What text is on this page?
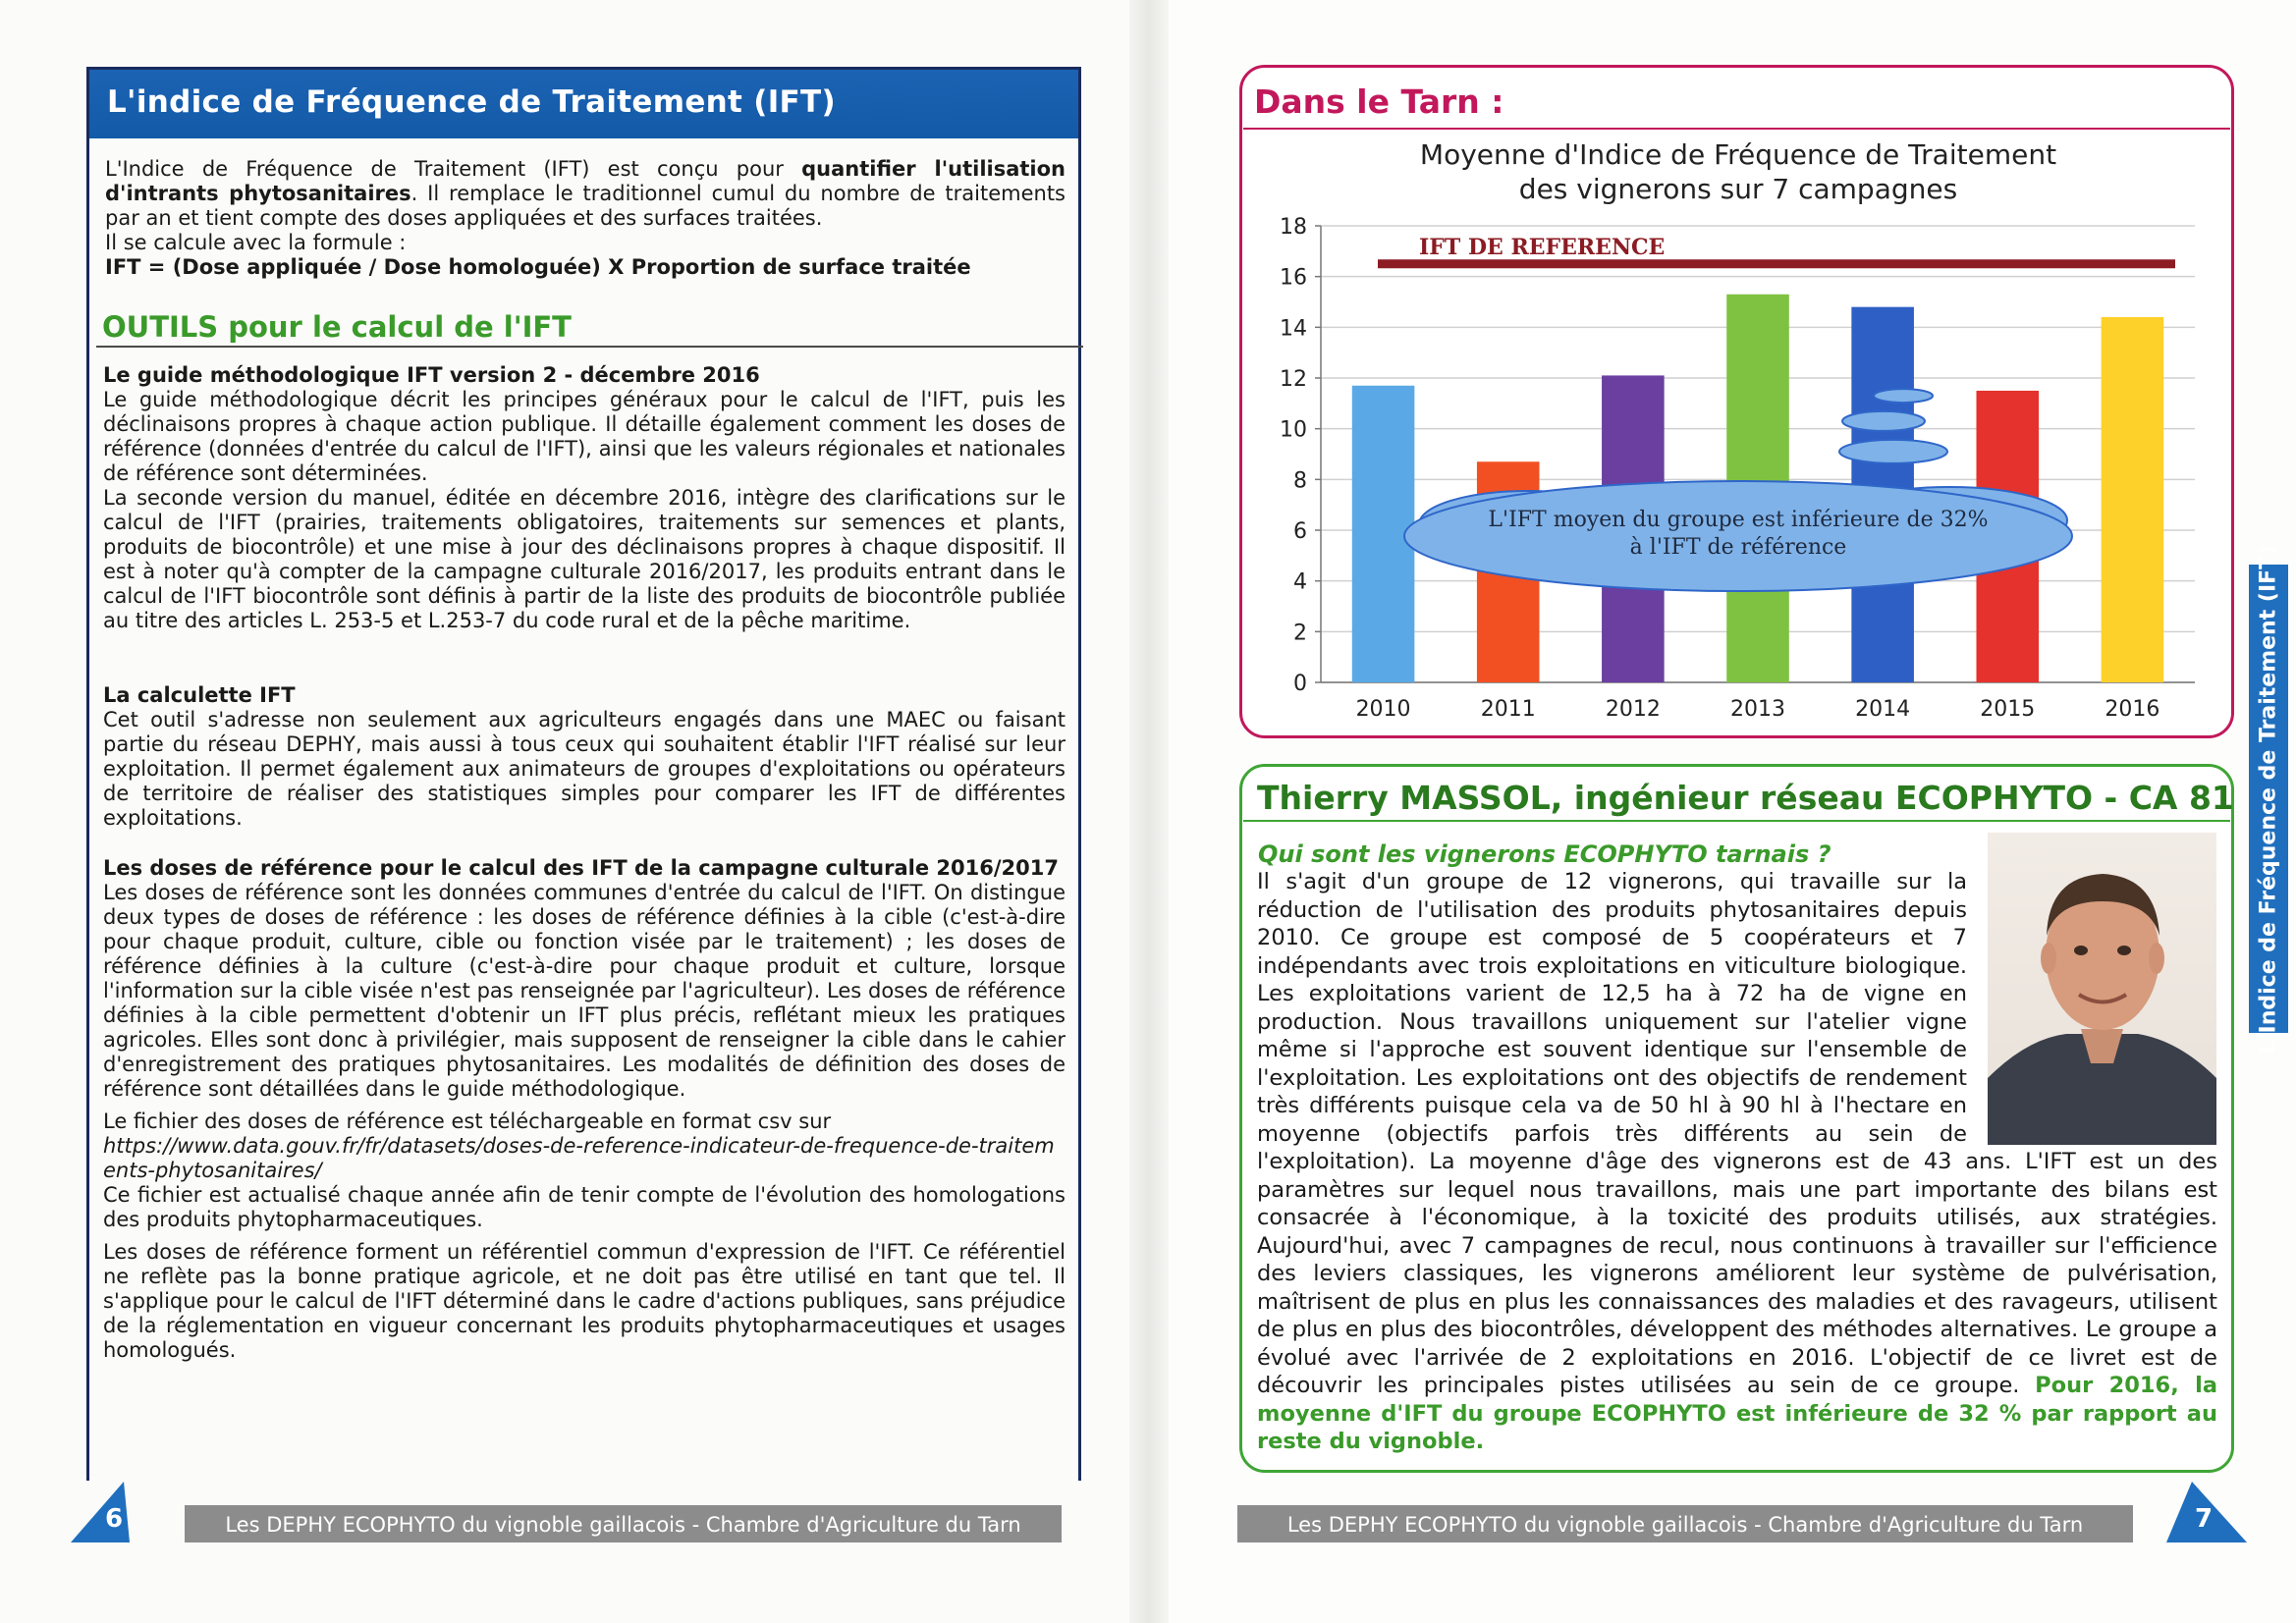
L'indice de Fréquence de Traitement (IFT)
L'Indice de Fréquence de Traitement (IFT) est conçu pour quantifier l'utilisation d'intrants phytosanitaires. Il remplace le traditionnel cumul du nombre de traitements par an et tient compte des doses appliquées et des surfaces traitées.
Il se calcule avec la formule :
IFT = (Dose appliquée / Dose homologuée) X Proportion de surface traitée
OUTILS pour le calcul de l'IFT
Le guide méthodologique IFT version 2 - décembre 2016
Le guide méthodologique décrit les principes généraux pour le calcul de l'IFT, puis les déclinaisons propres à chaque action publique. Il détaille également comment les doses de référence (données d'entrée du calcul de l'IFT), ainsi que les valeurs régionales et nationales de référence sont déterminées.
La seconde version du manuel, éditée en décembre 2016, intègre des clarifications sur le calcul de l'IFT (prairies, traitements obligatoires, traitements sur semences et plants, produits de biocontrôle) et une mise à jour des déclinaisons propres à chaque dispositif. Il est à noter qu'à compter de la campagne culturale 2016/2017, les produits entrant dans le calcul de l'IFT biocontrôle sont définis à partir de la liste des produits de biocontrôle publiée au titre des articles L. 253-5 et L.253-7 du code rural et de la pêche maritime.
La calculette IFT
Cet outil s'adresse non seulement aux agriculteurs engagés dans une MAEC ou faisant partie du réseau DEPHY, mais aussi à tous ceux qui souhaitent établir l'IFT réalisé sur leur exploitation. Il permet également aux animateurs de groupes d'exploitations ou opérateurs de territoire de réaliser des statistiques simples pour comparer les IFT de différentes exploitations.
Les doses de référence pour le calcul des IFT de la campagne culturale 2016/2017
Les doses de référence sont les données communes d'entrée du calcul de l'IFT. On distingue deux types de doses de référence : les doses de référence définies à la cible (c'est-à-dire pour chaque produit, culture, cible ou fonction visée par le traitement) ; les doses de référence définies à la culture (c'est-à-dire pour chaque produit et culture, lorsque l'information sur la cible visée n'est pas renseignée par l'agriculteur). Les doses de référence définies à la cible permettent d'obtenir un IFT plus précis, reflétant mieux les pratiques agricoles. Elles sont donc à privilégier, mais supposent de renseigner la cible dans le cahier d'enregistrement des pratiques phytosanitaires. Les modalités de définition des doses de référence sont détaillées dans le guide méthodologique.
Le fichier des doses de référence est téléchargeable en format csv sur
https://www.data.gouv.fr/fr/datasets/doses-de-reference-indicateur-de-frequence-de-traitements-phytosanitaires/
Ce fichier est actualisé chaque année afin de tenir compte de l'évolution des homologations des produits phytopharmaceutiques.
Les doses de référence forment un référentiel commun d'expression de l'IFT. Ce référentiel ne reflète pas la bonne pratique agricole, et ne doit pas être utilisé en tant que tel. Il s'applique pour le calcul de l'IFT déterminé dans le cadre d'actions publiques, sans préjudice de la réglementation en vigueur concernant les produits phytopharmaceutiques et usages homologués.
6	Les DEPHY ECOPHYTO du vignoble gaillacois - Chambre d'Agriculture du Tarn
Dans le Tarn :
Moyenne d'Indice de Fréquence de Traitement
des vignerons sur 7 campagnes
0
2
4
6
8
10
12
14
16
18
2010	2011	2012	2013	2014	2015	2016
IFT DE REFERENCE
L'IFT moyen du groupe est inférieure de 32%
à l'IFT de référence
Thierry MASSOL, ingénieur réseau ECOPHYTO - CA 81
Qui sont les vignerons ECOPHYTO tarnais ?
Il s'agit d'un groupe de 12 vignerons, qui travaille sur la réduction de l'utilisation des produits phytosanitaires depuis 2010. Ce groupe est composé de 5 coopérateurs et 7 indépendants avec trois exploitations en viticulture biologique. Les exploitations varient de 12,5 ha à 72 ha de vigne en production. Nous travaillons uniquement sur l'atelier vigne même si l'approche est souvent identique sur l'ensemble de l'exploitation. Les exploitations ont des objectifs de rendement très différents puisque cela va de 50 hl à 90 hl à l'hectare en moyenne (objectifs parfois très différents au sein de l'exploitation). La moyenne d'âge des vignerons est de 43 ans. L'IFT est un des paramètres sur lequel nous travaillons, mais une part importante des bilans est consacrée à l'économique, à la toxicité des produits utilisés, aux stratégies. Aujourd'hui, avec 7 campagnes de recul, nous continuons à travailler sur l'efficience des leviers classiques, les vignerons améliorent leur système de pulvérisation, maîtrisent de plus en plus les connaissances des maladies et des ravageurs, utilisent de plus en plus des biocontrôles, développent des méthodes alternatives. Le groupe a évolué avec l'arrivée de 2 exploitations en 2016. L'objectif de ce livret est de découvrir les principales pistes utilisées au sein de ce groupe. Pour 2016, la moyenne d'IFT du groupe ECOPHYTO est inférieure de 32 % par rapport au reste du vignoble.
L'Indice de Fréquence de Traitement (IFT)
7
Les DEPHY ECOPHYTO du vignoble gaillacois - Chambre d'Agriculture du Tarn
